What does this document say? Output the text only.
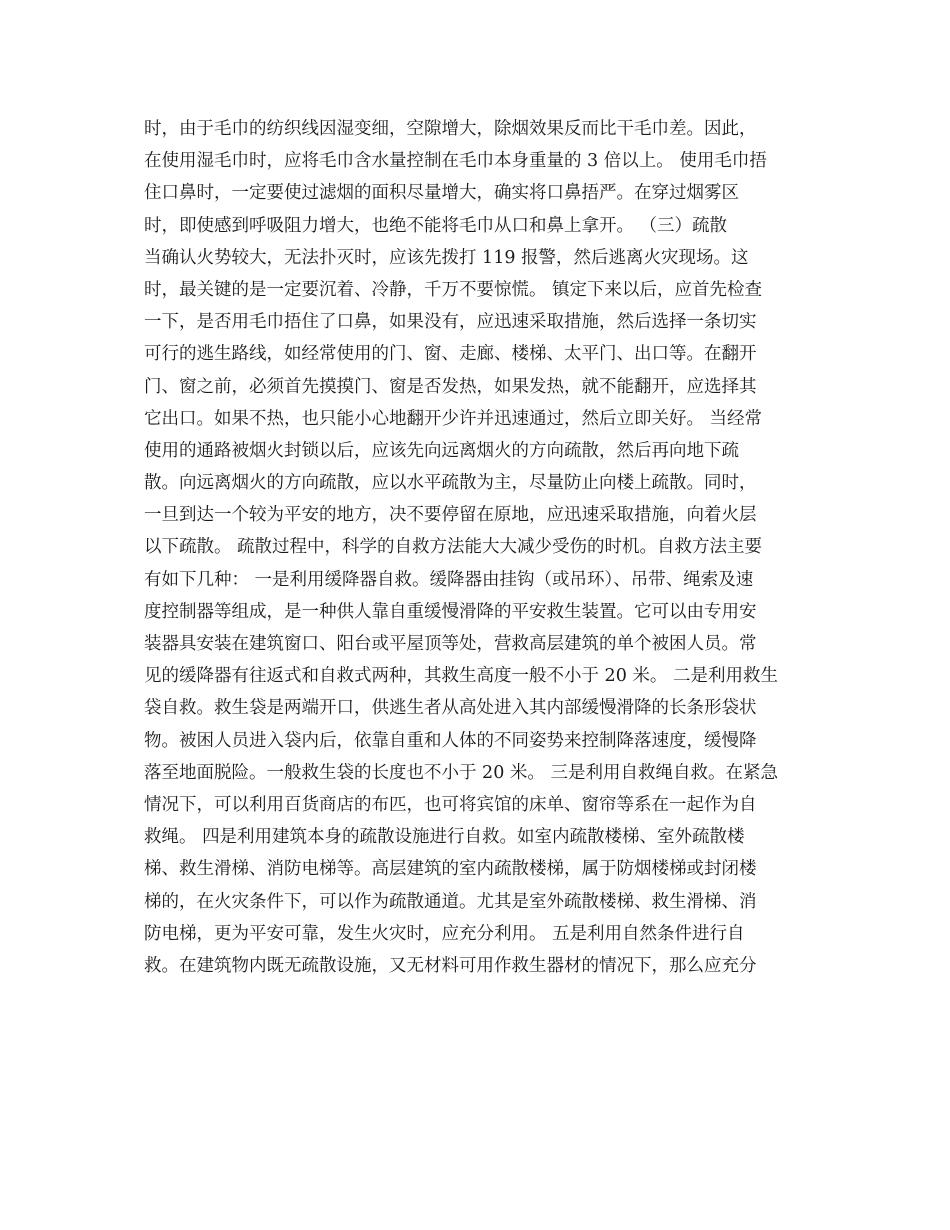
时，由于毛巾的纺织线因湿变细，空隙增大，除烟效果反而比干毛巾差。因此，
在使用湿毛巾时，应将毛巾含水量控制在毛巾本身重量的 3 倍以上。 使用毛巾捂
住口鼻时，一定要使过滤烟的面积尽量增大，确实将口鼻捂严。在穿过烟雾区
时，即使感到呼吸阻力增大，也绝不能将毛巾从口和鼻上拿开。 （三）疏散
当确认火势较大，无法扑灭时，应该先拨打 119 报警，然后逃离火灾现场。这
时，最关键的是一定要沉着、冷静，千万不要惊慌。 镇定下来以后，应首先检查
一下，是否用毛巾捂住了口鼻，如果没有，应迅速采取措施，然后选择一条切实
可行的逃生路线，如经常使用的门、窗、走廊、楼梯、太平门、出口等。在翻开
门、窗之前，必须首先摸摸门、窗是否发热，如果发热，就不能翻开，应选择其
它出口。如果不热，也只能小心地翻开少许并迅速通过，然后立即关好。 当经常
使用的通路被烟火封锁以后，应该先向远离烟火的方向疏散，然后再向地下疏
散。向远离烟火的方向疏散，应以水平疏散为主，尽量防止向楼上疏散。同时，
一旦到达一个较为平安的地方，决不要停留在原地，应迅速采取措施，向着火层
以下疏散。 疏散过程中，科学的自救方法能大大减少受伤的时机。自救方法主要
有如下几种： 一是利用缓降器自救。缓降器由挂钩（或吊环）、吊带、绳索及速
度控制器等组成，是一种供人靠自重缓慢滑降的平安救生装置。它可以由专用安
装器具安装在建筑窗口、阳台或平屋顶等处，营救高层建筑的单个被困人员。常
见的缓降器有往返式和自救式两种，其救生高度一般不小于 20 米。 二是利用救生
袋自救。救生袋是两端开口，供逃生者从高处进入其内部缓慢滑降的长条形袋状
物。被困人员进入袋内后，依靠自重和人体的不同姿势来控制降落速度，缓慢降
落至地面脱险。一般救生袋的长度也不小于 20 米。 三是利用自救绳自救。在紧急
情况下，可以利用百货商店的布匹，也可将宾馆的床单、窗帘等系在一起作为自
救绳。 四是利用建筑本身的疏散设施进行自救。如室内疏散楼梯、室外疏散楼
梯、救生滑梯、消防电梯等。高层建筑的室内疏散楼梯，属于防烟楼梯或封闭楼
梯的，在火灾条件下，可以作为疏散通道。尤其是室外疏散楼梯、救生滑梯、消
防电梯，更为平安可靠，发生火灾时，应充分利用。 五是利用自然条件进行自
救。在建筑物内既无疏散设施，又无材料可用作救生器材的情况下，那么应充分
